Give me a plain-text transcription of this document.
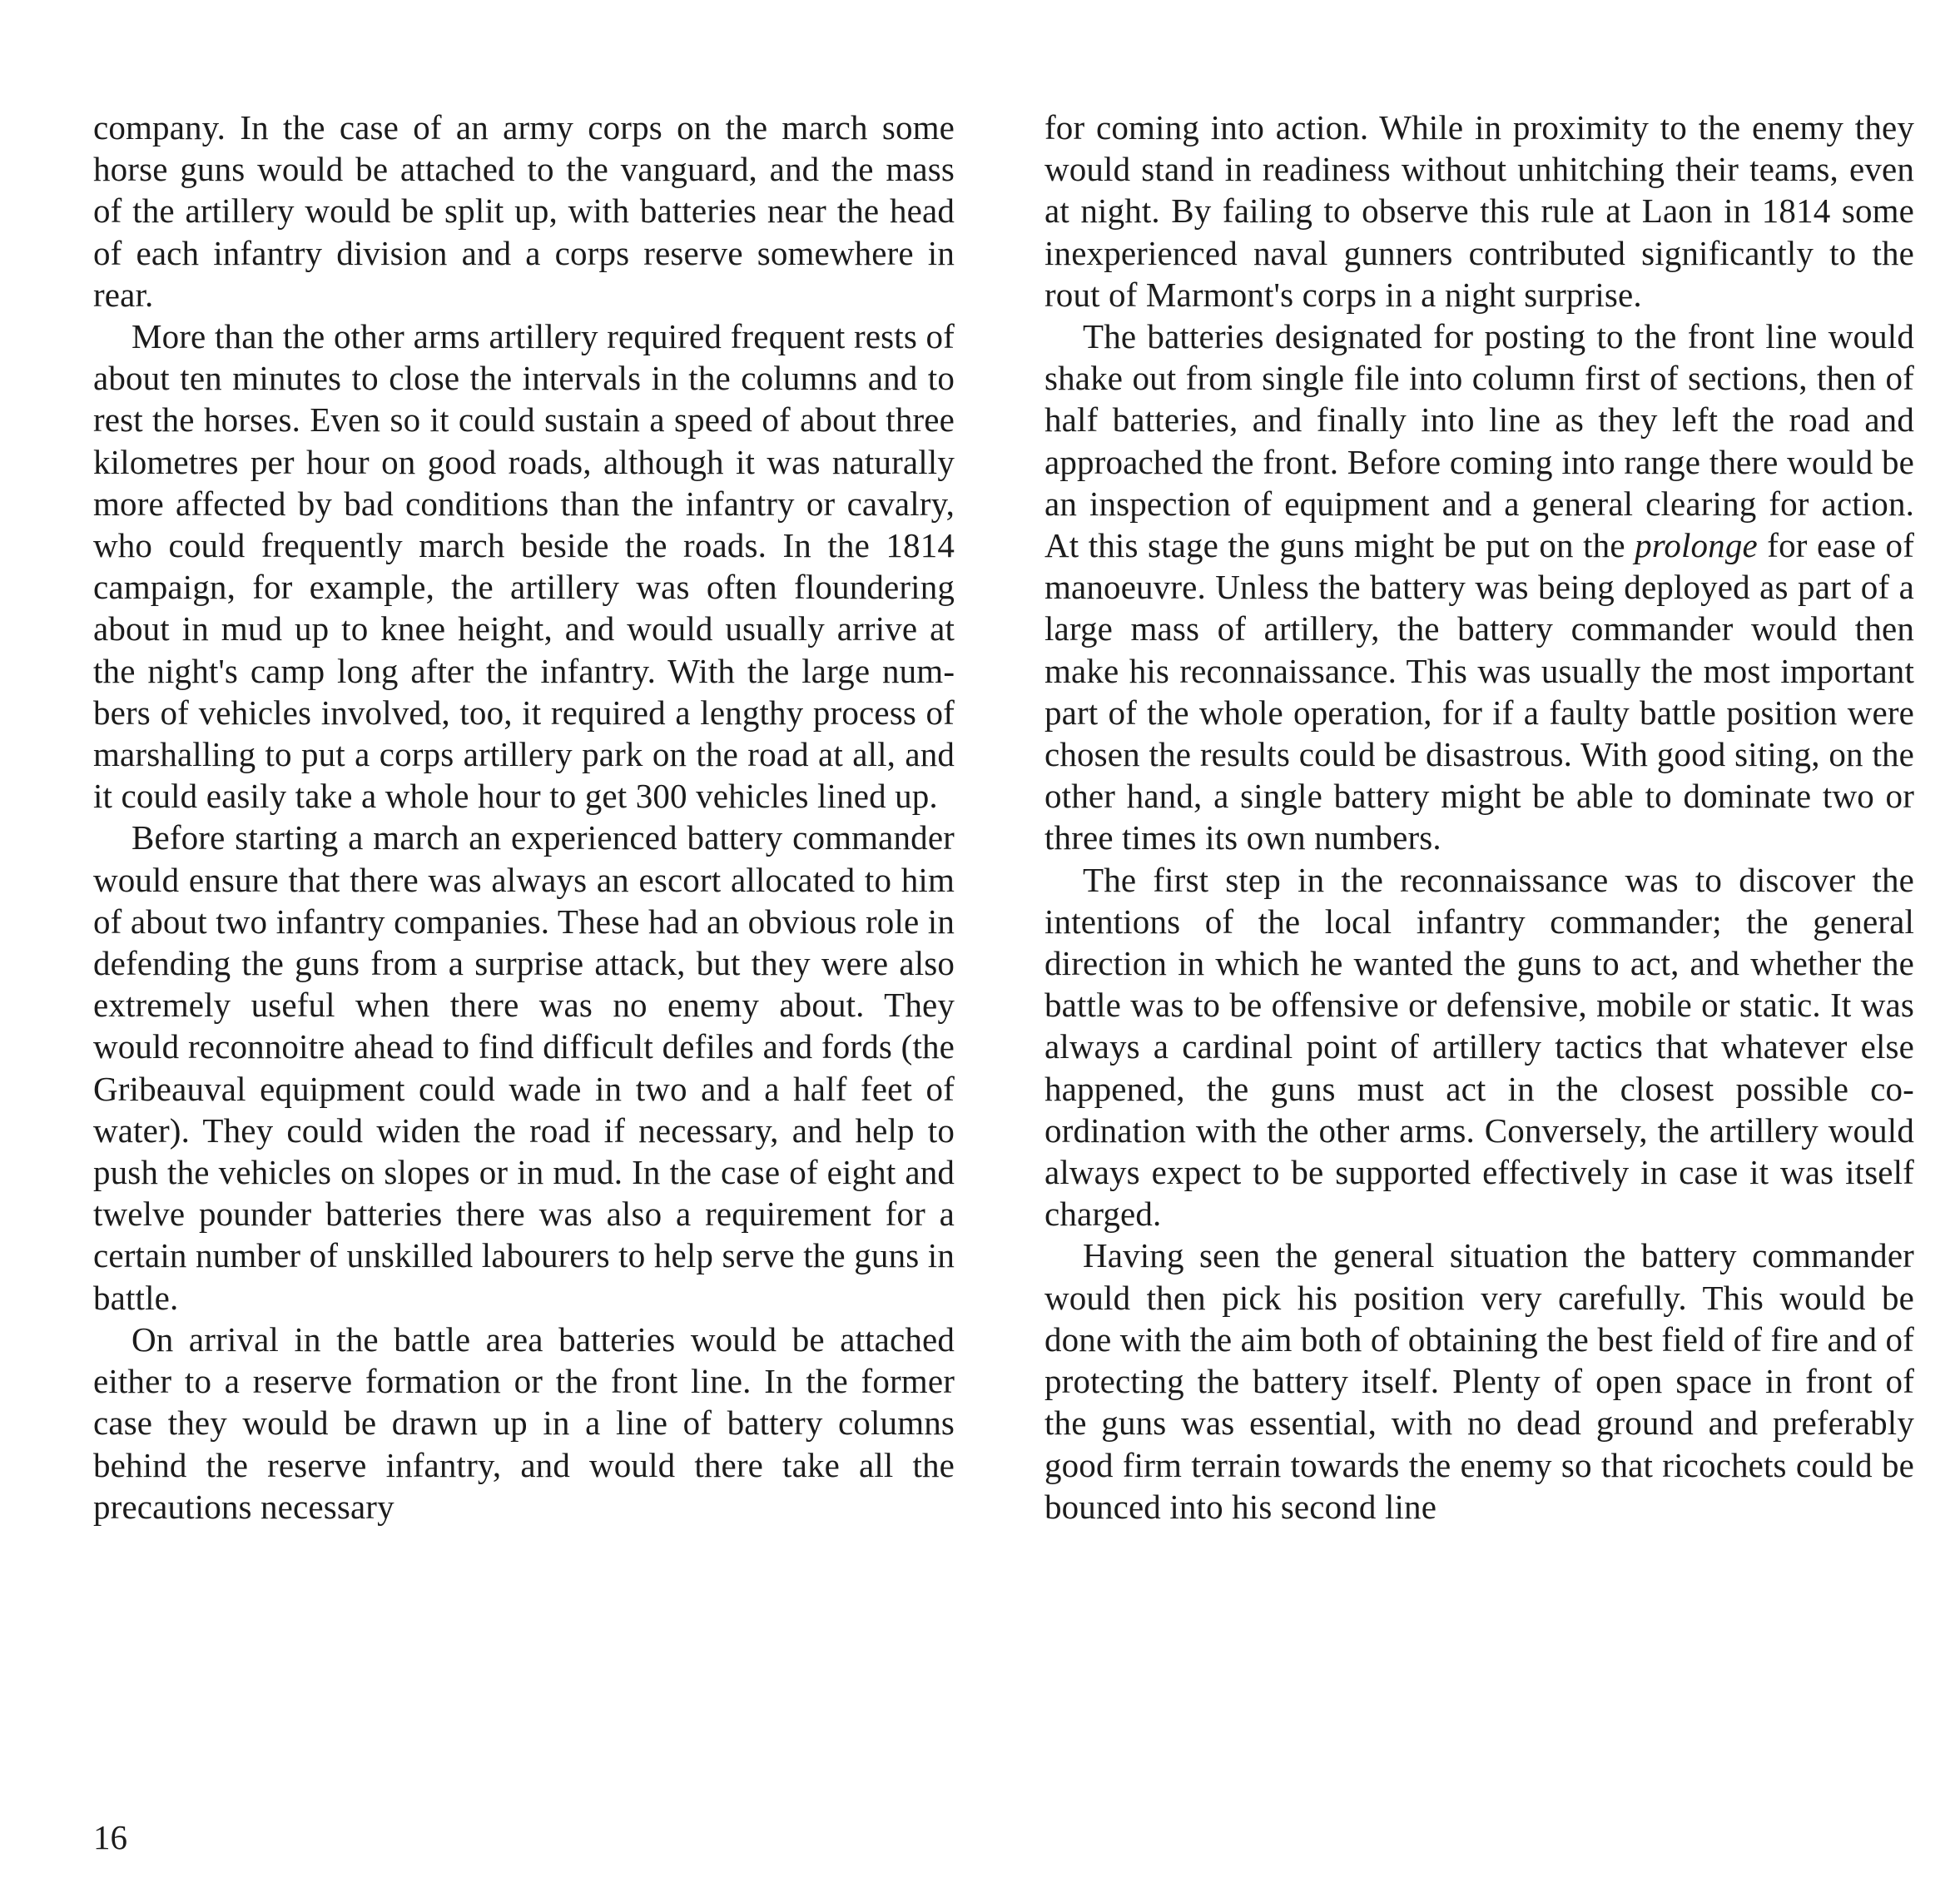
company. In the case of an army corps on the march some horse guns would be attached to the vanguard, and the mass of the artillery would be split up, with batteries near the head of each infantry division and a corps reserve somewhere in rear.

More than the other arms artillery required frequent rests of about ten minutes to close the intervals in the columns and to rest the horses. Even so it could sustain a speed of about three kilometres per hour on good roads, although it was naturally more affected by bad conditions than the infantry or cavalry, who could frequently march beside the roads. In the 1814 campaign, for example, the artillery was often floundering about in mud up to knee height, and would usually arrive at the night's camp long after the infantry. With the large numbers of vehicles involved, too, it required a lengthy process of marshalling to put a corps artillery park on the road at all, and it could easily take a whole hour to get 300 vehicles lined up.

Before starting a march an experienced battery commander would ensure that there was always an escort allocated to him of about two infantry companies. These had an obvious role in defending the guns from a surprise attack, but they were also extremely useful when there was no enemy about. They would reconnoitre ahead to find difficult defiles and fords (the Gribeauval equipment could wade in two and a half feet of water). They could widen the road if necessary, and help to push the vehicles on slopes or in mud. In the case of eight and twelve pounder batteries there was also a requirement for a certain number of unskilled labourers to help serve the guns in battle.

On arrival in the battle area batteries would be attached either to a reserve formation or the front line. In the former case they would be drawn up in a line of battery columns behind the reserve infantry, and would there take all the precautions necessary

for coming into action. While in proximity to the enemy they would stand in readiness without unhitching their teams, even at night. By failing to observe this rule at Laon in 1814 some inexperienced naval gunners contributed significantly to the rout of Marmont's corps in a night surprise.

The batteries designated for posting to the front line would shake out from single file into column first of sections, then of half batteries, and finally into line as they left the road and approached the front. Before coming into range there would be an inspection of equipment and a general clearing for action. At this stage the guns might be put on the prolonge for ease of manoeuvre. Unless the battery was being deployed as part of a large mass of artillery, the battery commander would then make his reconnaissance. This was usually the most important part of the whole operation, for if a faulty battle position were chosen the results could be disastrous. With good siting, on the other hand, a single battery might be able to dominate two or three times its own numbers.

The first step in the reconnaissance was to discover the intentions of the local infantry commander; the general direction in which he wanted the guns to act, and whether the battle was to be offensive or defensive, mobile or static. It was always a cardinal point of artillery tactics that whatever else happened, the guns must act in the closest possible co-ordination with the other arms. Conversely, the artillery would always expect to be supported effectively in case it was itself charged.

Having seen the general situation the battery commander would then pick his position very carefully. This would be done with the aim both of obtaining the best field of fire and of protecting the battery itself. Plenty of open space in front of the guns was essential, with no dead ground and preferably good firm terrain towards the enemy so that ricochets could be bounced into his second line

16
